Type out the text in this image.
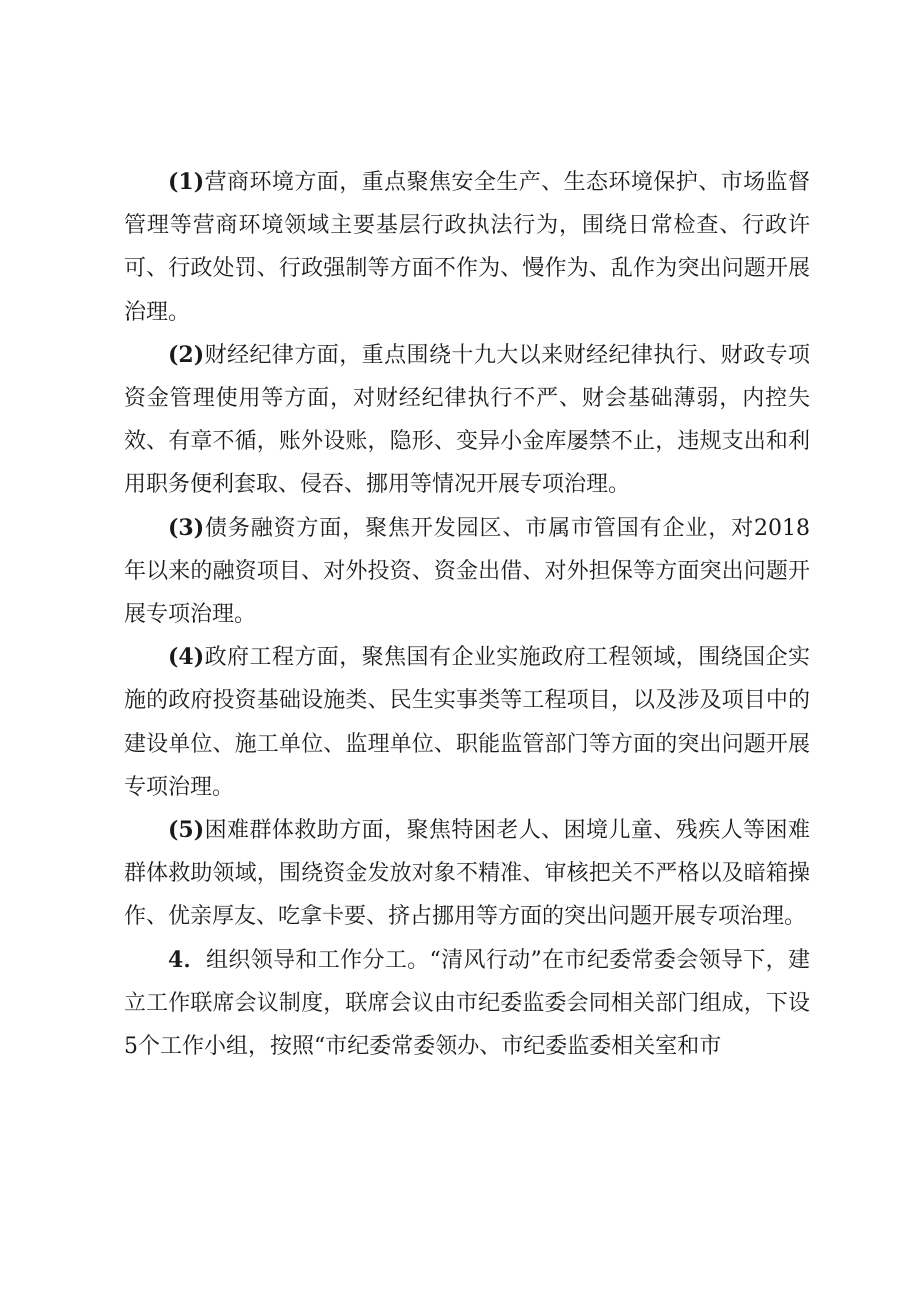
(1)营商环境方面，重点聚焦安全生产、生态环境保护、市场监督管理等营商环境领域主要基层行政执法行为，围绕日常检查、行政许可、行政处罚、行政强制等方面不作为、慢作为、乱作为突出问题开展治理。

(2)财经纪律方面，重点围绕十九大以来财经纪律执行、财政专项资金管理使用等方面，对财经纪律执行不严、财会基础薄弱，内控失效、有章不循，账外设账，隐形、变异小金库屡禁不止，违规支出和利用职务便利套取、侵吞、挪用等情况开展专项治理。

(3)债务融资方面，聚焦开发园区、市属市管国有企业，对2018年以来的融资项目、对外投资、资金出借、对外担保等方面突出问题开展专项治理。

(4)政府工程方面，聚焦国有企业实施政府工程领域，围绕国企实施的政府投资基础设施类、民生实事类等工程项目，以及涉及项目中的建设单位、施工单位、监理单位、职能监管部门等方面的突出问题开展专项治理。

(5)困难群体救助方面，聚焦特困老人、困境儿童、残疾人等困难群体救助领域，围绕资金发放对象不精准、审核把关不严格以及暗箱操作、优亲厚友、吃拿卡要、挤占挪用等方面的突出问题开展专项治理。

4．组织领导和工作分工。“清风行动”在市纪委常委会领导下，建立工作联席会议制度，联席会议由市纪委监委会同相关部门组成，下设5个工作小组，按照“市纪委常委领办、市纪委监委相关室和市
